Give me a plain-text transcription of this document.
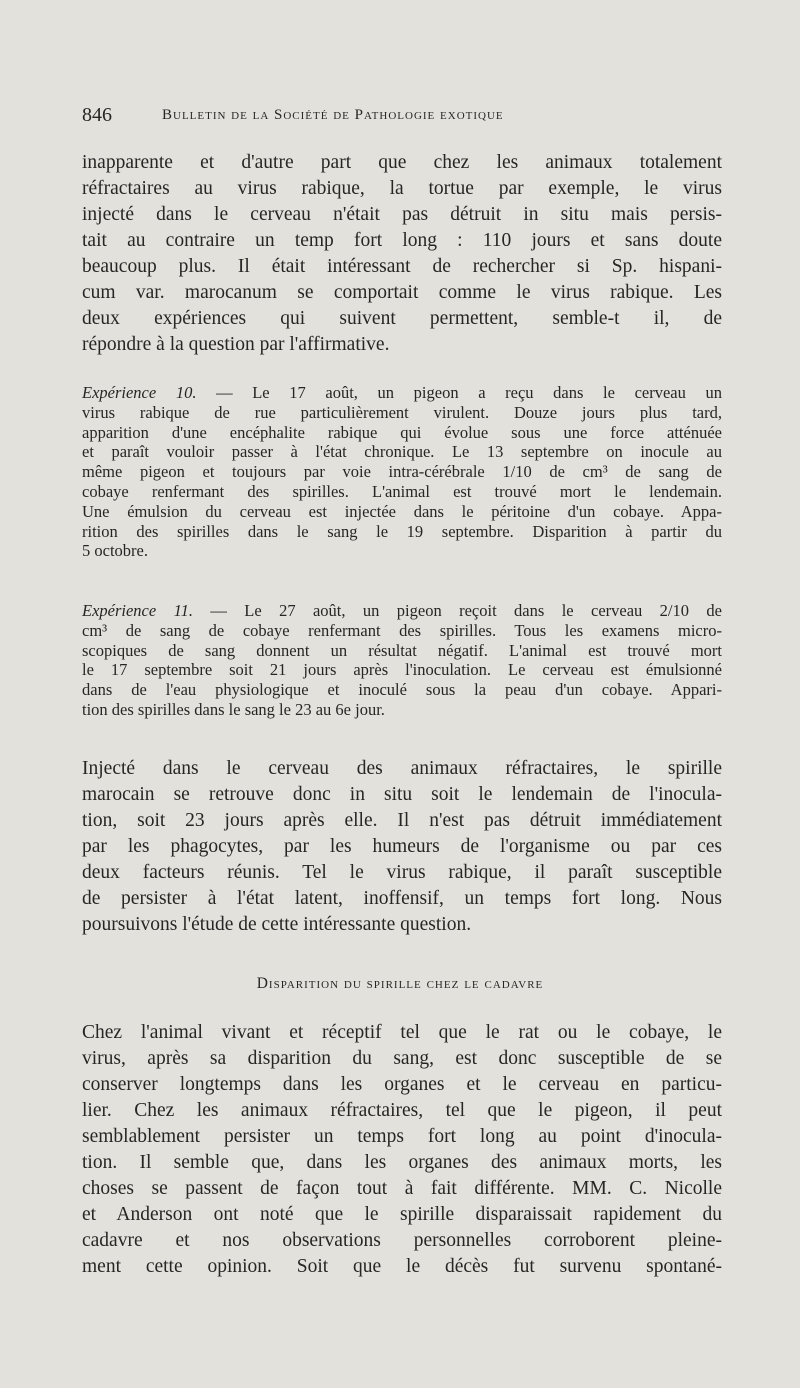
846	Bulletin de la Société de Pathologie exotique
inapparente et d'autre part que chez les animaux totalement
réfractaires au virus rabique, la tortue par exemple, le virus
injecté dans le cerveau n'était pas détruit in situ mais persis-
tait au contraire un temp fort long : 110 jours et sans doute
beaucoup plus. Il était intéressant de rechercher si Sp. hispani-
cum var. marocanum se comportait comme le virus rabique. Les
deux expériences qui suivent permettent, semble-t il, de
répondre à la question par l'affirmative.
Expérience 10. — Le 17 août, un pigeon a reçu dans le cerveau un
virus rabique de rue particulièrement virulent. Douze jours plus tard,
apparition d'une encéphalite rabique qui évolue sous une force atténuée
et paraît vouloir passer à l'état chronique. Le 13 septembre on inocule au
même pigeon et toujours par voie intra-cérébrale 1/10 de cm³ de sang de
cobaye renfermant des spirilles. L'animal est trouvé mort le lendemain.
Une émulsion du cerveau est injectée dans le péritoine d'un cobaye. Appa-
rition des spirilles dans le sang le 19 septembre. Disparition à partir du
5 octobre.
Expérience 11. — Le 27 août, un pigeon reçoit dans le cerveau 2/10 de
cm³ de sang de cobaye renfermant des spirilles. Tous les examens micro-
scopiques de sang donnent un résultat négatif. L'animal est trouvé mort
le 17 septembre soit 21 jours après l'inoculation. Le cerveau est émulsionné
dans de l'eau physiologique et inoculé sous la peau d'un cobaye. Appari-
tion des spirilles dans le sang le 23 au 6e jour.
Injecté dans le cerveau des animaux réfractaires, le spirille
marocain se retrouve donc in situ soit le lendemain de l'inocula-
tion, soit 23 jours après elle. Il n'est pas détruit immédiatement
par les phagocytes, par les humeurs de l'organisme ou par ces
deux facteurs réunis. Tel le virus rabique, il paraît susceptible
de persister à l'état latent, inoffensif, un temps fort long. Nous
poursuivons l'étude de cette intéressante question.
Disparition du spirille chez le cadavre
Chez l'animal vivant et réceptif tel que le rat ou le cobaye, le
virus, après sa disparition du sang, est donc susceptible de se
conserver longtemps dans les organes et le cerveau en particu-
lier. Chez les animaux réfractaires, tel que le pigeon, il peut
semblablement persister un temps fort long au point d'inocula-
tion. Il semble que, dans les organes des animaux morts, les
choses se passent de façon tout à fait différente. MM. C. Nicolle
et Anderson ont noté que le spirille disparaissait rapidement du
cadavre et nos observations personnelles corroborent pleine-
ment cette opinion. Soit que le décès fut survenu spontané-
